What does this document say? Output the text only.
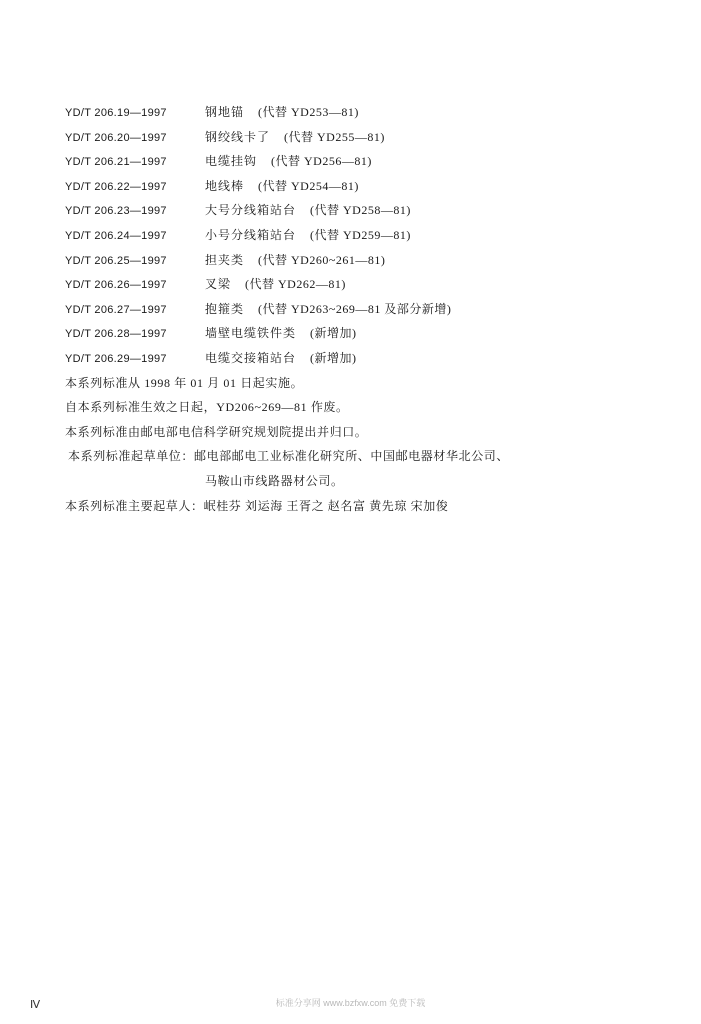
YD/T 206.19—1997	钢地锚 (代替 YD253—81)
YD/T 206.20—1997	钢绞线卡了 (代替 YD255—81)
YD/T 206.21—1997	电缆挂钩 (代替 YD256—81)
YD/T 206.22—1997	地线棒 (代替 YD254—81)
YD/T 206.23—1997	大号分线箱站台 (代替 YD258—81)
YD/T 206.24—1997	小号分线箱站台 (代替 YD259—81)
YD/T 206.25—1997	担夹类 (代替 YD260~261—81)
YD/T 206.26—1997	叉梁 (代替 YD262—81)
YD/T 206.27—1997	抱箍类 (代替 YD263~269—81 及部分新增)
YD/T 206.28—1997	墙壁电缆铁件类 (新增加)
YD/T 206.29—1997	电缆交接箱站台 (新增加)
本系列标准从 1998 年 01 月 01 日起实施。
自本系列标准生效之日起，YD206~269—81 作废。
本系列标准由邮电部电信科学研究规划院提出并归口。
本系列标准起草单位：邮电部邮电工业标准化研究所、中国邮电器材华北公司、
马鞍山市线路器材公司。
本系列标准主要起草人：岷桂芬 刘运海 王胥之 赵名富 黄先琼 宋加俊
Ⅳ	标准分享网 www.bzfxw.com 免费下载
